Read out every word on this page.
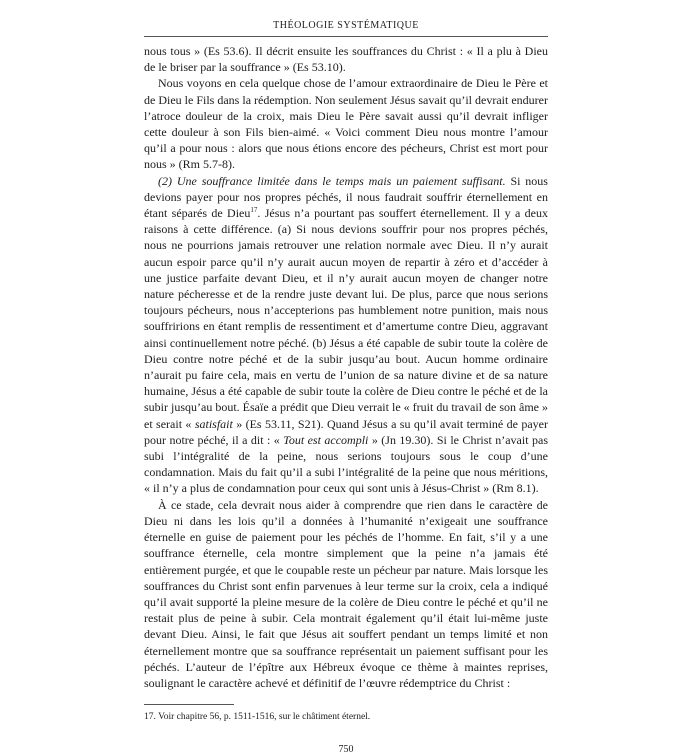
THÉOLOGIE SYSTÉMATIQUE

nous tous » (Es 53.6). Il décrit ensuite les souffrances du Christ : « Il a plu à Dieu de le briser par la souffrance » (Es 53.10).

Nous voyons en cela quelque chose de l’amour extraordinaire de Dieu le Père et de Dieu le Fils dans la rédemption. Non seulement Jésus savait qu’il devrait endurer l’atroce douleur de la croix, mais Dieu le Père savait aussi qu’il devrait infliger cette douleur à son Fils bien-aimé. « Voici comment Dieu nous montre l’amour qu’il a pour nous : alors que nous étions encore des pécheurs, Christ est mort pour nous » (Rm 5.7-8).

(2) Une souffrance limitée dans le temps mais un paiement suffisant. Si nous devions payer pour nos propres péchés, il nous faudrait souffrir éternellement en étant séparés de Dieu$^{17}$. Jésus n’a pourtant pas souffert éternellement. Il y a deux raisons à cette différence. (a) Si nous devions souffrir pour nos propres péchés, nous ne pourrions jamais retrouver une relation normale avec Dieu. Il n’y aurait aucun espoir parce qu’il n’y aurait aucun moyen de repartir à zéro et d’accéder à une justice parfaite devant Dieu, et il n’y aurait aucun moyen de changer notre nature pécheresse et de la rendre juste devant lui. De plus, parce que nous serions toujours pécheurs, nous n’accepterions pas humblement notre punition, mais nous souffririons en étant remplis de ressentiment et d’amertume contre Dieu, aggravant ainsi continuellement notre péché. (b) Jésus a été capable de subir toute la colère de Dieu contre notre péché et de la subir jusqu’au bout. Aucun homme ordinaire n’aurait pu faire cela, mais en vertu de l’union de sa nature divine et de sa nature humaine, Jésus a été capable de subir toute la colère de Dieu contre le péché et de la subir jusqu’au bout. Ésaïe a prédit que Dieu verrait le « fruit du travail de son âme » et serait « satisfait » (Es 53.11, S21). Quand Jésus a su qu’il avait terminé de payer pour notre péché, il a dit : « Tout est accompli » (Jn 19.30). Si le Christ n’avait pas subi l’intégralité de la peine, nous serions toujours sous le coup d’une condamnation. Mais du fait qu’il a subi l’intégralité de la peine que nous méritions, « il n’y a plus de condamnation pour ceux qui sont unis à Jésus-Christ » (Rm 8.1).

À ce stade, cela devrait nous aider à comprendre que rien dans le caractère de Dieu ni dans les lois qu’il a données à l’humanité n’exigeait une souffrance éternelle en guise de paiement pour les péchés de l’homme. En fait, s’il y a une souffrance éternelle, cela montre simplement que la peine n’a jamais été entièrement purgée, et que le coupable reste un pécheur par nature. Mais lorsque les souffrances du Christ sont enfin parvenues à leur terme sur la croix, cela a indiqué qu’il avait supporté la pleine mesure de la colère de Dieu contre le péché et qu’il ne restait plus de peine à subir. Cela montrait également qu’il était lui-même juste devant Dieu. Ainsi, le fait que Jésus ait souffert pendant un temps limité et non éternellement montre que sa souffrance représentait un paiement suffisant pour les péchés. L’auteur de l’épître aux Hébreux évoque ce thème à maintes reprises, soulignant le caractère achevé et définitif de l’œuvre rédemptrice du Christ :

17. Voir chapitre 56, p. 1511-1516, sur le châtiment éternel.
750
